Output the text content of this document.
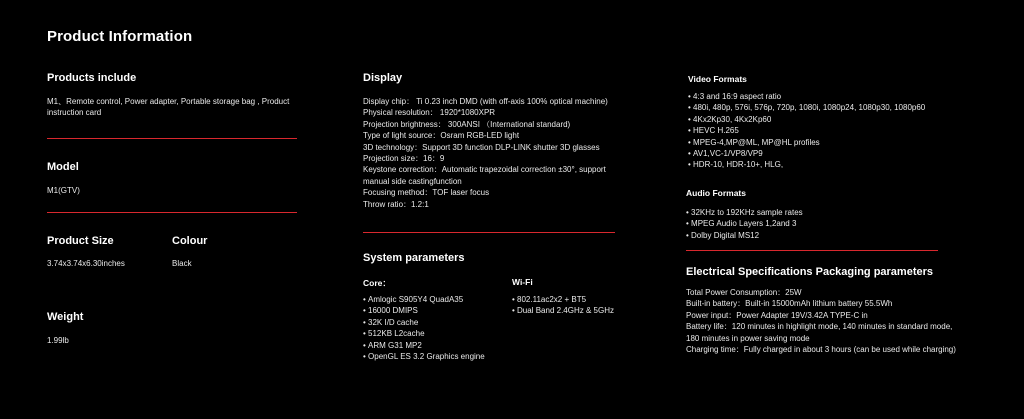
Product Information
Products include
M1、Remote control, Power adapter, Portable storage bag , Product instruction card
Model
M1(GTV)
Product Size
3.74x3.74x6.30inches
Colour
Black
Weight
1.99lb
Display
Display chip： Ti 0.23 inch DMD (with off-axis 100% optical machine)
Physical resolution： 1920*1080XPR
Projection brightness： 300ANSI （International standard)
Type of light source：Osram RGB-LED light
3D technology：Support 3D function DLP-LINK shutter 3D glasses
Projection size：16：9
Keystone correction：Automatic trapezoidal correction ±30°, support
manual side castingfunction
Focusing method：TOF laser focus
Throw ratio：1.2:1
System parameters
Core：
• Amlogic S905Y4 QuadA35
• 16000 DMIPS
• 32K I/D cache
• 512KB L2cache
• ARM G31 MP2
• OpenGL ES 3.2 Graphics engine
Wi-Fi
• 802.11ac2x2 + BT5
• Dual Band 2.4GHz & 5GHz
Video Formats
• 4:3 and 16:9 aspect ratio
• 480i, 480p, 576i, 576p, 720p, 1080i, 1080p24, 1080p30, 1080p60
• 4Kx2Kp30, 4Kx2Kp60
• HEVC H.265
• MPEG-4,MP@ML, MP@HL profiles
• AV1,VC-1/VP8/VP9
• HDR-10, HDR-10+, HLG,
Audio Formats
• 32KHz to 192KHz sample rates
• MPEG Audio Layers 1,2and 3
• Dolby Digital MS12
Electrical Specifications Packaging parameters
Total Power Consumption：25W
Built-in battery：Built-in 15000mAh lithium battery 55.5Wh
Power input：Power Adapter 19V/3.42A TYPE-C in
Battery life：120 minutes in highlight mode, 140 minutes in standard mode,
180 minutes in power saving mode
Charging time：Fully charged in about 3 hours (can be used while charging)
